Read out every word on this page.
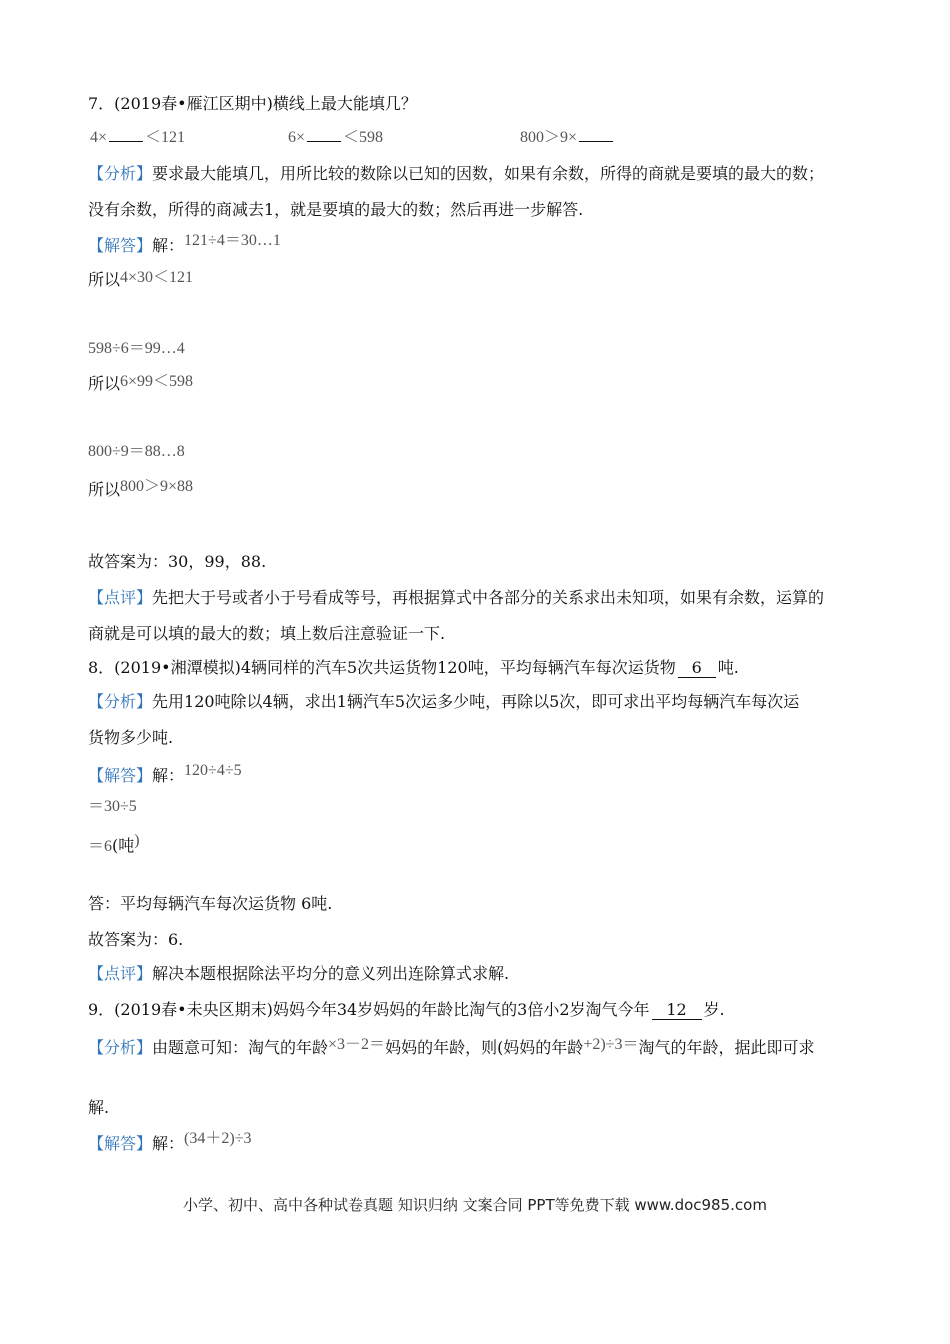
7．(2019春•雁江区期中)横线上最大能填几？
4× ＜121	6× ＜598	800＞9×
【分析】要求最大能填几，用所比较的数除以已知的因数，如果有余数，所得的商就是要填的最大的数；
没有余数，所得的商减去1，就是要填的最大的数；然后再进一步解答.
【解答】解：121÷4＝30…1
所以4×30＜121
598÷6＝99…4
所以6×99＜598
800÷9＝88…8
所以800＞9×88
故答案为：30，99，88.
【点评】先把大于号或者小于号看成等号，再根据算式中各部分的关系求出未知项，如果有余数，运算的
商就是可以填的最大的数；填上数后注意验证一下.
8．(2019•湘潭模拟)4辆同样的汽车5次共运货物120吨，平均每辆汽车每次运货物 6 吨.
【分析】先用120吨除以4辆，求出1辆汽车5次运多少吨，再除以5次，即可求出平均每辆汽车每次运
货物多少吨.
【解答】解：120÷4÷5
＝30÷5
＝6(吨)
答：平均每辆汽车每次运货物 6吨.
故答案为：6.
【点评】解决本题根据除法平均分的意义列出连除算式求解.
9．(2019春•未央区期末)妈妈今年34岁妈妈的年龄比淘气的3倍小2岁淘气今年 12 岁.
【分析】由题意可知：淘气的年龄×3－2＝妈妈的年龄，则(妈妈的年龄+2)÷3＝淘气的年龄，据此即可求
解.
【解答】解：(34＋2)÷3
小学、初中、高中各种试卷真题 知识归纳 文案合同 PPT等免费下载 www.doc985.com
